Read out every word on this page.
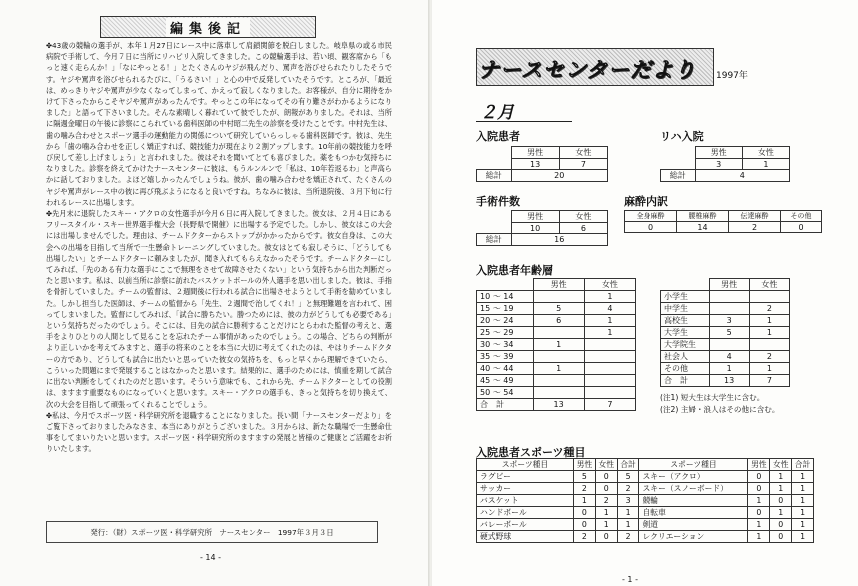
編集後記

✤43歳の競輪の選手が、本年１月27日にレース中に落車して肩鎖関節を脱臼しました。岐阜県の或る市民病院で手術して、今月７日に当所にリハビリ入院してきました。この競輪選手は、若い頃、観客席から「もっと速く走らんか！」「なにやっとる！」とたくさんのヤジが飛んだり、罵声を浴びせられたりしたそうです。ヤジや罵声を浴びせられるたびに、「うるさい！」と心の中で反発していたそうです。ところが、「最近は、めっきりヤジや罵声が少なくなってしまって、かえって寂しくなりました。お客様が、自分に期待をかけて下さったからこそヤジや罵声があったんです。やっとこの年になってその有り難さがわかるようになりました」と語って下さいました。そんな素晴しく暮れていて彼でしたが、朗報がありました。それは、当所に隔週金曜日の午後に診察にこられている歯科医師の中村昭二先生の診察を受けたことです。中村先生は、歯の噛み合わせとスポーツ選手の運動能力の関係について研究していらっしゃる歯科医師です。彼は、先生から「歯の噛み合わせを正しく矯正すれば、競技能力が現在より２割アップします。10年前の競技能力を呼び戻して差し上げましょう」と言われました。彼はそれを聞いてとても喜びました。薬をもつかむ気持ちになりました。診察を終えてかけたナースセンターに彼は、もうルンルンで「私は、10年若返るわ」と声高らかに話しておりました。よほど嬉しかったんでしょうね。彼が、歯の噛み合わせを矯正されて、たくさんのヤジや罵声がレース中の彼に再び飛ぶようになると良いですね。ちなみに彼は、当所退院後、３月下旬に行われるレースに出場します。

✤先月末に退院したスキー・アクロの女性選手が今月６日に再入院してきました。彼女は、２月４日にあるフリースタイル・スキー世界選手権大会（長野県で開催）に出場する予定でした。しかし、彼女はこの大会には出場しませんでした。理由は、チームドクターからストップがかかったからです。彼女自身は、この大会への出場を目指して当所で一生懸命トレーニングしていました。彼女はとても寂しそうに、「どうしても出場したい」とチームドクターに頼みましたが、聞き入れてもらえなかったそうです。チームドクターにしてみれば、「先のある有力な選手にここで無理をさせて故障させたくない」という気持ちから出た判断だったと思います。私は、以前当所に診察に訪れたバスケットボールの外人選手を思い出しました。彼は、手指を骨折していました。チームの監督は、２週間後に行われる試合に出場させようとして手術を勧めていました。しかし担当した医師は、チームの監督から「先生、２週間で治してくれ！」と無理難題を言われて、困ってしまいました。監督にしてみれば、「試合に勝ちたい。勝つためには、彼の力がどうしても必要である」という気持ちだったのでしょう。そこには、目先の試合に勝利することだけにとらわれた監督の考えと、選手をよりひとりの人間として見ることを忘れたチーム事情があったのでしょう。この場合、どちらの判断がより正しいかを考えてみますと、選手の将来のことを本当に大切に考えてくれたのは、やはりチームドクターの方であり、どうしても試合に出たいと思っていた彼女の気持ちを、もっと早くから理解できていたら、こういった問題にまで発展することはなかったと思います。結果的に、選手のためには、慎重を期して試合に出ない判断をしてくれたのだと思います。そういう意味でも、これから先、チームドクターとしての役割は、ますます重要なものになっていくと思います。スキー・アクロの選手も、きっと気持ちを切り換えて、次の大会を目指して頑張ってくれることでしょう。

✤私は、今月でスポーツ医・科学研究所を退職することになりました。長い間「ナースセンターだより」をご覧下さっておりましたみなさま、本当にありがとうございました。３月からは、新たな職場で一生懸命仕事をしてまいりたいと思います。スポーツ医・科学研究所のますますの発展と皆様のご健康とご活躍をお祈りいたします。

発行：（財）スポーツ医・科学研究所　ナースセンター　1997年３月３日
- 14 -
ナースセンターだより 1997年
２月
入院患者
	男性	女性
	13	7
総計	20	
リハ入院
	男性	女性
	3	1
総計	4	
手術件数
	男性	女性
	10	6
総計	16	
麻酔内訳
全身麻酔	腰椎麻酔	伝達麻酔	その他
0	14	2	0
入院患者年齢層
	男性	女性
10 ～ 14		1
15 ～ 19	5	4
20 ～ 24	6	1
25 ～ 29		1
30 ～ 34	1	
35 ～ 39		
40 ～ 44	1	
45 ～ 49		
50 ～ 54		
合　計	13	7
	男性	女性
小学生		
中学生		2
高校生	3	1
大学生	5	1
大学院生		
社会人	4	2
その他	1	1
合　計	13	7
(注1) 短大生は大学生に含む。
(注2) 主婦・浪人はその他に含む。
入院患者スポーツ種目
スポーツ種目	男性	女性	合計	スポーツ種目	男性	女性	合計
ラグビー	5	0	5	スキー（アクロ）	0	1	1
サッカー	2	0	2	スキー（スノーボード）	0	1	1
バスケット	1	2	3	競輪	1	0	1
ハンドボール	0	1	1	自転車	0	1	1
バレーボール	0	1	1	剣道	1	0	1
硬式野球	2	0	2	レクリエーション	1	0	1
- 1 -
